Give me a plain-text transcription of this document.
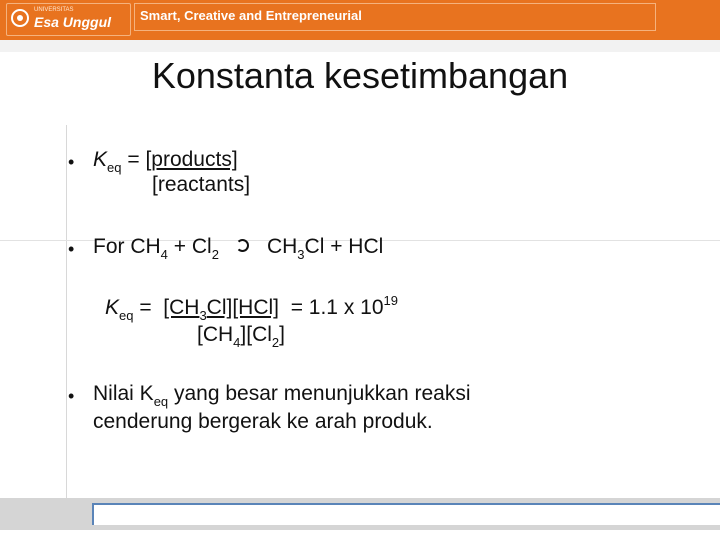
UNIVERSITAS
Esa Unggul Smart, Creative and Entrepreneurial
Konstanta kesetimbangan
• $K_{eq}$ = [products]
[reactants]
• For $CH_4 + Cl_2$ $CH_3Cl$ + HCl
$K_{eq} = [CH_3Cl][HCl] = 1.1$ x $10^{19}$
$[CH_4][Cl_2]$
• Nilai $K_{eq}$ yang besar menunjukkan reaksi
cenderung bergerak ke arah produk.
